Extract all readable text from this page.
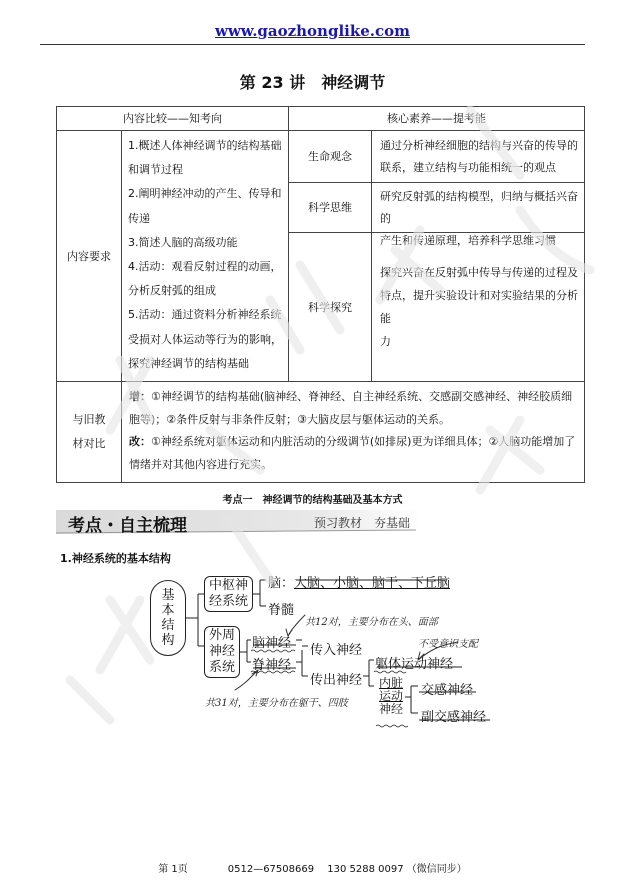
www.gaozhonglike.com
第 23 讲　神经调节
内容比较——知考向	核心素养——提考能
内容要求
1.概述人体神经调节的结构基础
和调节过程
2.阐明神经冲动的产生、传导和
传递
3.简述人脑的高级功能
4.活动：观看反射过程的动画，
分析反射弧的组成
5.活动：通过资料分析神经系统
受损对人体运动等行为的影响，
探究神经调节的结构基础
生命观念
通过分析神经细胞的结构与兴奋的传导的
联系，建立结构与功能相统一的观点
科学思维
研究反射弧的结构模型，归纳与概括兴奋的
产生和传递原理，培养科学思维习惯
科学探究
探究兴奋在反射弧中传导与传递的过程及
特点，提升实验设计和对实验结果的分析能
力
与旧教
材对比
增：①神经调节的结构基础(脑神经、脊神经、自主神经系统、交感副交感神经、神经胶质细
胞等)；②条件反射与非条件反射；③大脑皮层与躯体运动的关系。
改：①神经系统对躯体运动和内脏活动的分级调节(如排尿)更为详细具体；②人脑功能增加了
情绪并对其他内容进行充实。
考点一　神经调节的结构基础及基本方式
考点・自主梳理	预习教材　夯基础
1.神经系统的基本结构
基
本
结
构
中枢神
经系统
脑：大脑、小脑、脑干、下丘脑
脊髓
外周
神经
系统
脑神经
脊神经
传入神经
传出神经
躯体运动神经
内脏
运动
神经
交感神经
副交感神经
共12对，主要分布在头、面部
共31对，主要分布在躯干、四肢
不受意识支配
第 1页　　　　0512—67508669　 130 5288 0097 （微信同步）
